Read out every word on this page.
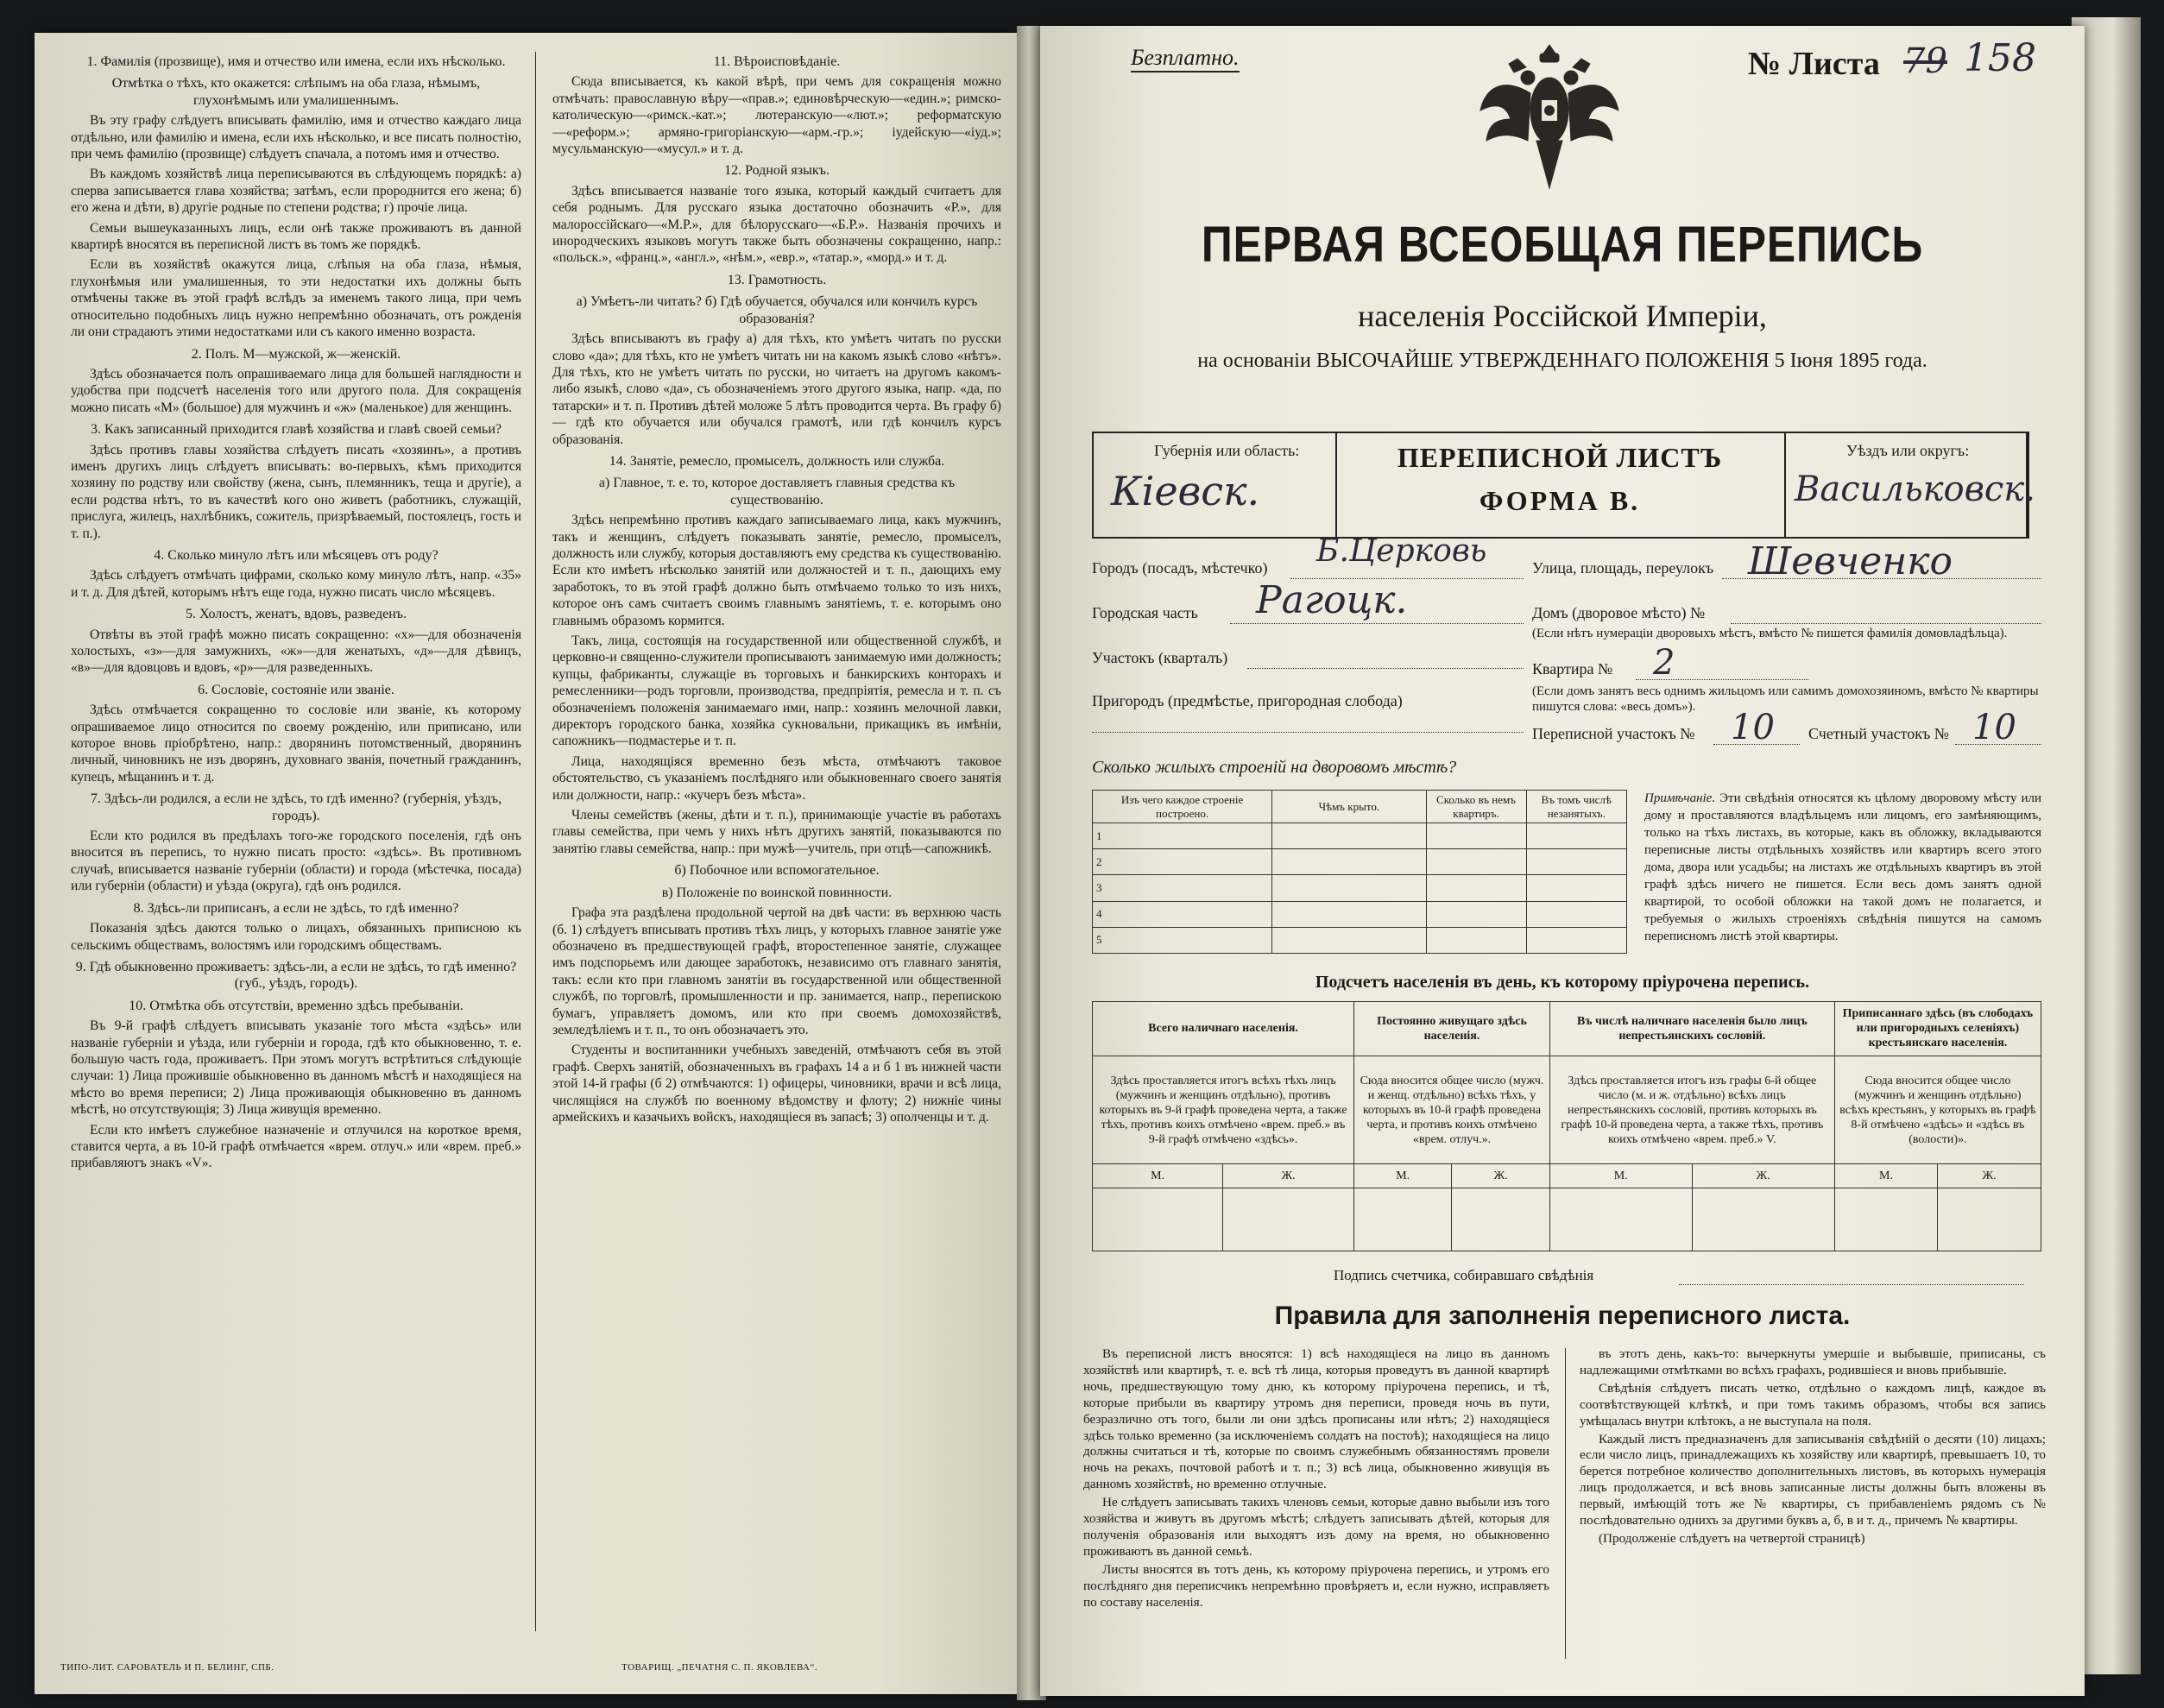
1. Фамилія (прозвище), имя и отчество или имена, если ихъ нѣсколько.
Отмѣтка о тѣхъ, кто окажется: слѣпымъ на оба глаза, нѣмымъ, глухонѣмымъ или умалишеннымъ.
Въ эту графу слѣдуетъ вписывать фамилію, имя и отчество каждаго лица отдѣльно, или фамилію и имена, если ихъ нѣсколько, и все писать полностію, при чемъ фамилію (прозвище) слѣдуетъ спачала, а потомъ имя и отчество.
Въ каждомъ хозяйствѣ лица переписываются въ слѣдующемъ порядкѣ: а) сперва записывается глава хозяйства; затѣмъ, если пророднится его жена; б) его жена и дѣти, в) другіе родные по степени родства; г) прочіе лица.
Семьи вышеуказанныхъ лицъ, если онѣ также проживаютъ въ данной квартирѣ вносятся въ переписной листъ въ томъ же порядкѣ.
Если въ хозяйствѣ окажутся лица, слѣпыя на оба глаза, нѣмыя, глухонѣмыя или умалишенныя, то эти недостатки ихъ должны быть отмѣчены также въ этой графѣ вслѣдъ за именемъ такого лица, при чемъ относительно подобныхъ лицъ нужно непремѣнно обозначать, отъ рожденія ли они страдаютъ этими недостатками или съ какого именно возраста.
2. Полъ. М—мужской, ж—женскій.
Здѣсь обозначается полъ опрашиваемаго лица для большей наглядности и удобства при подсчетѣ населенія того или другого пола. Для сокращенія можно писать «М» (большое) для мужчинъ и «ж» (маленькое) для женщинъ.
3. Какъ записанный приходится главѣ хозяйства и главѣ своей семьи?
Здѣсь противъ главы хозяйства слѣдуетъ писать «хозяинъ», а противъ именъ другихъ лицъ слѣдуетъ вписывать: во-первыхъ, кѣмъ приходится хозяину по родству или свойству (жена, сынъ, племянникъ, теща и другіе), а если родства нѣтъ, то въ качествѣ кого оно живетъ (работникъ, служащій, прислуга, жилецъ, нахлѣбникъ, сожитель, призрѣваемый, постоялецъ, гость и т. п.).
4. Сколько минуло лѣтъ или мѣсяцевъ отъ роду?
Здѣсь слѣдуетъ отмѣчать цифрами, сколько кому минуло лѣтъ, напр. «35» и т. д. Для дѣтей, которымъ нѣтъ еще года, нужно писать число мѣсяцевъ.
5. Холостъ, женатъ, вдовъ, разведенъ.
Отвѣты въ этой графѣ можно писать сокращенно: «х»—для обозначенія холостыхъ, «з»—для замужнихъ, «ж»—для женатыхъ, «д»—для дѣвицъ, «в»—для вдовцовъ и вдовъ, «р»—для разведенныхъ.
6. Сословіе, состояніе или званіе.
Здѣсь отмѣчается сокращенно то сословіе или званіе, къ которому опрашиваемое лицо относится по своему рожденію, или приписано, или которое вновь пріобрѣтено, напр.: дворянинъ потомственный, дворянинъ личный, чиновникъ не изъ дворянъ, духовнаго званія, почетный гражданинъ, купецъ, мѣщанинъ и т. д.
7. Здѣсь-ли родился, а если не здѣсь, то гдѣ именно? (губернія, уѣздъ, городъ).
Если кто родился въ предѣлахъ того-же городского поселенія, гдѣ онъ вносится въ перепись, то нужно писать просто: «здѣсь». Въ противномъ случаѣ, вписывается названіе губерніи (области) и города (мѣстечка, посада) или губерніи (области) и уѣзда (округа), гдѣ онъ родился.
8. Здѣсь-ли приписанъ, а если не здѣсь, то гдѣ именно?
Показанія здѣсь даются только о лицахъ, обязанныхъ приписною къ сельскимъ обществамъ, волостямъ или городскимъ обществамъ.
9. Гдѣ обыкновенно проживаетъ: здѣсь-ли, а если не здѣсь, то гдѣ именно? (губ., уѣздъ, городъ).
10. Отмѣтка объ отсутствіи, временно здѣсь пребываніи.
Въ 9-й графѣ слѣдуетъ вписывать указаніе того мѣста «здѣсь» или названіе губерніи и уѣзда, или губерніи и города, гдѣ кто обыкновенно, т. е. большую часть года, проживаетъ. При этомъ могутъ встрѣтиться слѣдующіе случаи: 1) Лица прожившіе обыкновенно въ данномъ мѣстѣ и находящіеся на мѣсто во время переписи; 2) Лица проживающія обыкновенно въ данномъ мѣстѣ, но отсутствующія; 3) Лица живущія временно.
Если кто имѣетъ служебное назначеніе и отлучился на короткое время, ставится черта, а въ 10-й графѣ отмѣчается «врем. отлуч.» или «врем. преб.» прибавляютъ знакъ «V».
11. Вѣроисповѣданіе.
Сюда вписывается, къ какой вѣрѣ, при чемъ для сокращенія можно отмѣчать: православную вѣру—«прав.»; единовѣрческую—«един.»; римско-католическую—«римск.-кат.»; лютеранскую—«лют.»; реформатскую—«реформ.»; армяно-григоріанскую—«арм.-гр.»; іудейскую—«іуд.»; мусульманскую—«мусул.» и т. д.
12. Родной языкъ.
Здѣсь вписывается названіе того языка, который каждый считаетъ для себя роднымъ. Для русскаго языка достаточно обозначить «Р.», для малороссійскаго—«М.Р.», для бѣлорусскаго—«Б.Р.». Названія прочихъ и инородческихъ языковъ могутъ также быть обозначены сокращенно, напр.: «польск.», «франц.», «англ.», «нѣм.», «евр.», «татар.», «морд.» и т. д.
13. Грамотность.
а) Умѣетъ-ли читать? б) Гдѣ обучается, обучался или кончилъ курсъ образованія?
Здѣсь вписываютъ въ графу а) для тѣхъ, кто умѣетъ читать по русски слово «да»; для тѣхъ, кто не умѣетъ читать ни на какомъ языкѣ слово «нѣтъ». Для тѣхъ, кто не умѣетъ читать по русски, но читаетъ на другомъ какомъ-либо языкѣ, слово «да», съ обозначеніемъ этого другого языка, напр. «да, по татарски» и т. п. Противъ дѣтей моложе 5 лѣтъ проводится черта. Въ графу б) — гдѣ кто обучается или обучался грамотѣ, или гдѣ кончилъ курсъ образованія.
14. Занятіе, ремесло, промыселъ, должность или служба.
а) Главное, т. е. то, которое доставляетъ главныя средства къ существованію.
Здѣсь непремѣнно противъ каждаго записываемаго лица, какъ мужчинъ, такъ и женщинъ, слѣдуетъ показывать занятіе, ремесло, промыселъ, должность или службу, которыя доставляютъ ему средства къ существованію. Если кто имѣетъ нѣсколько занятій или должностей и т. п., дающихъ ему заработокъ, то въ этой графѣ должно быть отмѣчаемо только то изъ нихъ, которое онъ самъ считаетъ своимъ главнымъ занятіемъ, т. е. которымъ оно главнымъ образомъ кормится.
Такъ, лица, состоящія на государственной или общественной службѣ, и церковно-и священно-служители прописываютъ занимаемую ими должность; купцы, фабриканты, служащіе въ торговыхъ и банкирскихъ конторахъ и ремесленники—родъ торговли, производства, предпріятія, ремесла и т. п. съ обозначеніемъ положенія занимаемаго ими, напр.: хозяинъ мелочной лавки, директоръ городского банка, хозяйка сукновальни, прикащикъ въ имѣніи, сапожникъ—подмастерье и т. п.
Лица, находящіяся временно безъ мѣста, отмѣчаютъ таковое обстоятельство, съ указаніемъ послѣдняго или обыкновеннаго своего занятія или должности, напр.: «кучеръ безъ мѣста».
Члены семействъ (жены, дѣти и т. п.), принимающіе участіе въ работахъ главы семейства, при чемъ у нихъ нѣтъ другихъ занятій, показываются по занятію главы семейства, напр.: при мужѣ—учитель, при отцѣ—сапожникѣ.
б) Побочное или вспомогательное.
в) Положеніе по воинской повинности.
Графа эта раздѣлена продольной чертой на двѣ части: въ верхнюю часть (б. 1) слѣдуетъ вписывать противъ тѣхъ лицъ, у которыхъ главное занятіе уже обозначено въ предшествующей графѣ, второстепенное занятіе, служащее имъ подспорьемъ или дающее заработокъ, независимо отъ главнаго занятія, такъ: если кто при главномъ занятіи въ государственной или общественной службѣ, по торговлѣ, промышленности и пр. занимается, напр., перепискою бумагъ, управляетъ домомъ, или кто при своемъ домохозяйствѣ, земледѣліемъ и т. п., то онъ обозначаетъ это.
Студенты и воспитанники учебныхъ заведеній, отмѣчаютъ себя въ этой графѣ. Сверхъ занятій, обозначенныхъ въ графахъ 14 а и б 1 въ нижней части этой 14-й графы (б 2) отмѣчаются: 1) офицеры, чиновники, врачи и всѣ лица, числящіяся на службѣ по военному вѣдомству и флоту; 2) нижніе чины армейскихъ и казачьихъ войскъ, находящіеся въ запасѣ; 3) ополченцы и т. д.
ТИПО-ЛИТ. САРОВАТЕЛЬ И П. БЕЛИНГ, СПБ.	ТОВАРИЩ. „ПЕЧАТНЯ С. П. ЯКОВЛЕВА“.
Безплатно.	№ Листа 79 158
ПЕРВАЯ ВСЕОБЩАЯ ПЕРЕПИСЬ
населенія Россійской Имперіи,
на основаніи ВЫСОЧАЙШЕ УТВЕРЖДЕННАГО ПОЛОЖЕНІЯ 5 Іюня 1895 года.
Губернія или область:
Кіевск.
ПЕРЕПИСНОЙ ЛИСТЪ
ФОРМА В.
Уѣздъ или округъ:
Васильковск.
Городъ (посадъ, мѣстечко) Б.Церковь	Улица, площадь, переулокъ Шевченко
Городская часть Рагоцк.	Домъ (дворовое мѣсто) №
(Если нѣтъ нумераціи дворовыхъ мѣстъ, вмѣсто № пишется фамилія домовладѣльца).
Участокъ (кварталъ)
Квартира № 2
(Если домъ занятъ весь однимъ жильцомъ или самимъ домохозяиномъ, вмѣсто № квартиры пишутся слова: «весь домъ»).
Пригородъ (предмѣстье, пригородная слобода)
Переписной участокъ № 10 Счетный участокъ № 10
Сколько жилыхъ строеній на дворовомъ мѣстѣ?
Изъ чего каждое строеніе построено.	Чѣмъ крыто.	Сколько въ немъ квартиръ.	Въ томъ числѣ незанятыхъ.
1			
2			
3			
4			
5			
Примѣчаніе. Эти свѣдѣнія относятся къ цѣлому дворовому мѣсту или дому и проставляются владѣльцемъ или лицомъ, его замѣняющимъ, только на тѣхъ листахъ, въ которые, какъ въ обложку, вкладываются переписные листы отдѣльныхъ хозяйствъ или квартиръ всего этого дома, двора или усадьбы; на листахъ же отдѣльныхъ квартиръ въ этой графѣ здѣсь ничего не пишется. Если весь домъ занятъ одной квартирой, то особой обложки на такой домъ не полагается, и требуемыя о жилыхъ строеніяхъ свѣдѣнія пишутся на самомъ переписномъ листѣ этой квартиры.
Подсчетъ населенія въ день, къ которому пріурочена перепись.
Всего наличнаго населенія.		Постоянно живущаго здѣсь населенія.		Въ числѣ наличнаго населенія было лицъ непрестьянскихъ сословій.		Приписаннаго здѣсь (въ слободахъ или пригородныхъ селеніяхъ) крестьянскаго населенія.	
Здѣсь проставляется итогъ всѣхъ тѣхъ лицъ (мужчинъ и женщинъ отдѣльно), противъ которыхъ въ 9-й графѣ проведена черта, а также тѣхъ, противъ коихъ отмѣчено «врем. преб.» въ 9-й графѣ отмѣчено «здѣсь».		Сюда вносится общее число (мужч. и женщ. отдѣльно) всѣхъ тѣхъ, у которыхъ въ 10-й графѣ проведена черта, и противъ коихъ отмѣчено «врем. отлуч.».		Здѣсь проставляется итогъ изъ графы 6-й общее число (м. и ж. отдѣльно) всѣхъ лицъ непрестьянскихъ сословій, противъ которыхъ въ графѣ 10-й проведена черта, а также тѣхъ, противъ коихъ отмѣчено «врем. преб.» V.		Сюда вносится общее число (мужчинъ и женщинъ отдѣльно) всѣхъ крестьянъ, у которыхъ въ графѣ 8-й отмѣчено «здѣсь» и «здѣсь въ (волости)».	
М.	Ж.	М.	Ж.	М.	Ж.	М.	Ж.

Подпись счетчика, собиравшаго свѣдѣнія
Правила для заполненія переписного листа.

Въ переписной листъ вносятся: 1) всѣ находящіеся на лицо въ данномъ хозяйствѣ или квартирѣ, т. е. всѣ тѣ лица, которыя проведутъ въ данной квартирѣ ночь, предшествующую тому дню, къ которому пріурочена перепись, и тѣ, которые прибыли въ квартиру утромъ дня переписи, проведя ночь въ пути, безразлично отъ того, были ли они здѣсь прописаны или нѣтъ; 2) находящіеся здѣсь только временно (за исключеніемъ солдатъ на постоѣ); находящіеся на лицо должны считаться и тѣ, которые по своимъ служебнымъ обязанностямъ провели ночь на рекахъ, почтовой работѣ и т. п.; 3) всѣ лица, обыкновенно живущія въ данномъ хозяйствѣ, но временно отлучные.

Не слѣдуетъ записывать такихъ членовъ семьи, которые давно выбыли изъ того хозяйства и живутъ въ другомъ мѣстѣ; слѣдуетъ записывать дѣтей, которыя для полученія образованія или выходятъ изъ дому на время, но обыкновенно проживаютъ въ данной семьѣ.

Листы вносятся въ тотъ день, къ которому пріурочена перепись, и утромъ его послѣдняго дня переписчикъ непремѣнно провѣряетъ и, если нужно, исправляетъ по составу населенія.

въ этотъ день, какъ-то: вычеркнуты умершіе и выбывшіе, приписаны, съ надлежащими отмѣтками во всѣхъ графахъ, родившіеся и вновь прибывшіе.

Свѣдѣнія слѣдуетъ писать четко, отдѣльно о каждомъ лицѣ, каждое въ соотвѣтствующей клѣткѣ, и при томъ такимъ образомъ, чтобы вся запись умѣщалась внутри клѣтокъ, а не выступала на поля.

Каждый листъ предназначенъ для записыванія свѣдѣній о десяти (10) лицахъ; если число лицъ, принадлежащихъ къ хозяйству или квартирѣ, превышаетъ 10, то берется потребное количество дополнительныхъ листовъ, въ которыхъ нумерація лицъ продолжается, и всѣ вновь записанные листы должны быть вложены въ первый, имѣющій тотъ же № квартиры, съ прибавленіемъ рядомъ съ № послѣдовательно однихъ за другими буквъ а, б, в и т. д., причемъ № квартиры.

(Продолженіе слѣдуетъ на четвертой страницѣ)
